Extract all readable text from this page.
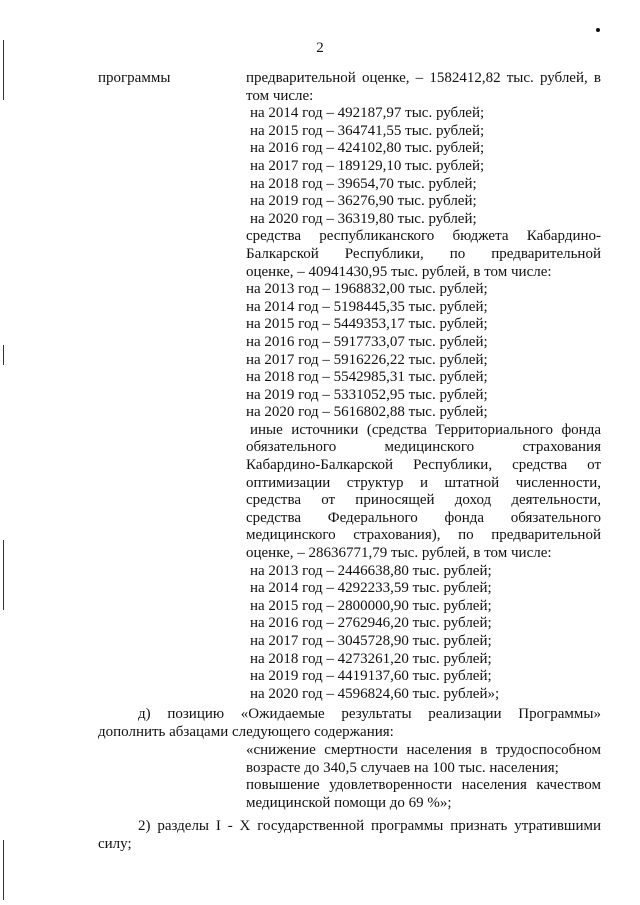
2
программы	предварительной оценке, – 1582412,82 тыс. рублей, в
том числе:
на 2014 год – 492187,97 тыс. рублей;
на 2015 год – 364741,55 тыс. рублей;
на 2016 год – 424102,80 тыс. рублей;
на 2017 год – 189129,10 тыс. рублей;
на 2018 год – 39654,70 тыс. рублей;
на 2019 год – 36276,90 тыс. рублей;
на 2020 год – 36319,80 тыс. рублей;
средства республиканского бюджета Кабардино-
Балкарской Республики, по предварительной
оценке, – 40941430,95 тыс. рублей, в том числе:
на 2013 год – 1968832,00 тыс. рублей;
на 2014 год – 5198445,35 тыс. рублей;
на 2015 год – 5449353,17 тыс. рублей;
на 2016 год – 5917733,07 тыс. рублей;
на 2017 год – 5916226,22 тыс. рублей;
на 2018 год – 5542985,31 тыс. рублей;
на 2019 год – 5331052,95 тыс. рублей;
на 2020 год – 5616802,88 тыс. рублей;
иные источники (средства Территориального фонда
обязательного медицинского страхования
Кабардино-Балкарской Республики, средства от
оптимизации структур и штатной численности,
средства от приносящей доход деятельности,
средства Федерального фонда обязательного
медицинского страхования), по предварительной
оценке, – 28636771,79 тыс. рублей, в том числе:
на 2013 год – 2446638,80 тыс. рублей;
на 2014 год – 4292233,59 тыс. рублей;
на 2015 год – 2800000,90 тыс. рублей;
на 2016 год – 2762946,20 тыс. рублей;
на 2017 год – 3045728,90 тыс. рублей;
на 2018 год – 4273261,20 тыс. рублей;
на 2019 год – 4419137,60 тыс. рублей;
на 2020 год – 4596824,60 тыс. рублей»;
д) позицию «Ожидаемые результаты реализации Программы»
дополнить абзацами следующего содержания:
«снижение смертности населения в трудоспособном
возрасте до 340,5 случаев на 100 тыс. населения;
повышение удовлетворенности населения качеством
медицинской помощи до 69 %»;
2) разделы I - X государственной программы признать утратившими
силу;
